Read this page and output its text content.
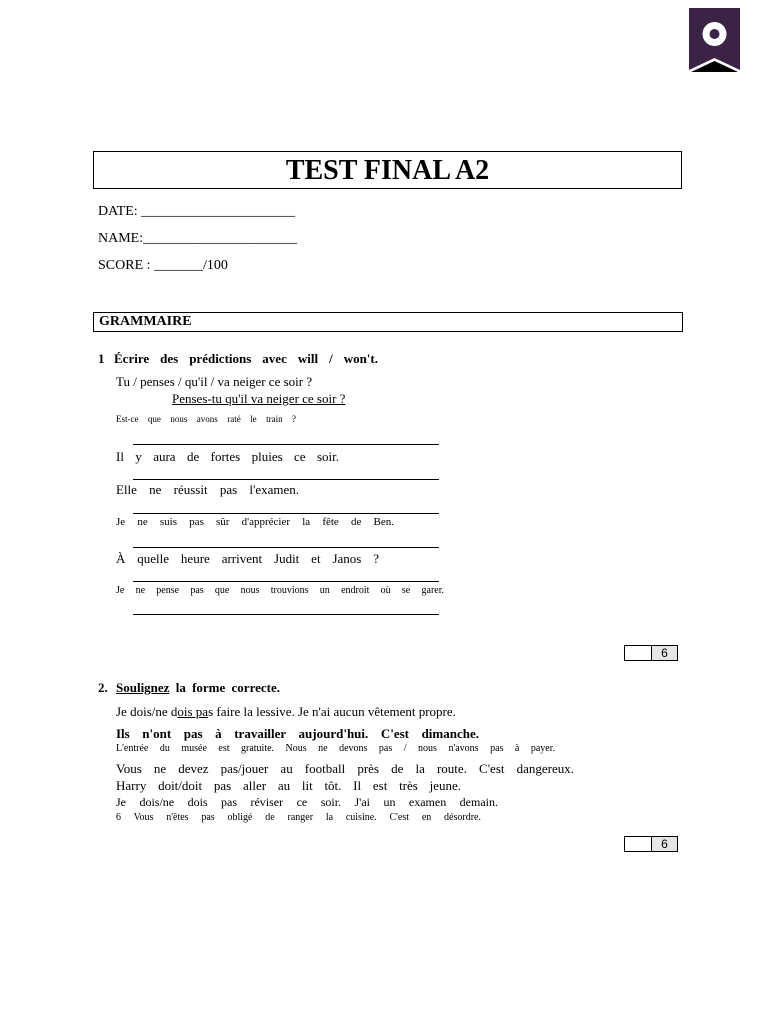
TEST FINAL A2
DATE: ______________________
NAME:______________________
SCORE : _______/100
GRAMMAIRE
1 Écrire des prédictions avec will / won't.
Tu / penses / qu'il / va neiger ce soir ?
Penses-tu qu'il va neiger ce soir ?
Est-ce que nous avons raté le train ?
Il y aura de fortes pluies ce soir.
Elle ne réussit pas l'examen.
Je ne suis pas sûr d'apprécier la fête de Ben.
À quelle heure arrivent Judit et Janos ?
Je ne pense pas que nous trouvions un endroit où se garer.
6
2. Soulignez la forme correcte.
Je dois/ne dois pas faire la lessive. Je n'ai aucun vêtement propre.
Ils n'ont pas à travailler aujourd'hui. C'est dimanche.
L'entrée du musée est gratuite. Nous ne devons pas / nous n'avons pas à payer.
Vous ne devez pas/jouer au football près de la route. C'est dangereux.
Harry doit/doit pas aller au lit tôt. Il est très jeune.
Je dois/ne dois pas réviser ce soir. J'ai un examen demain.
6 Vous n'êtes pas obligé de ranger la cuisine. C'est en désordre.
6
